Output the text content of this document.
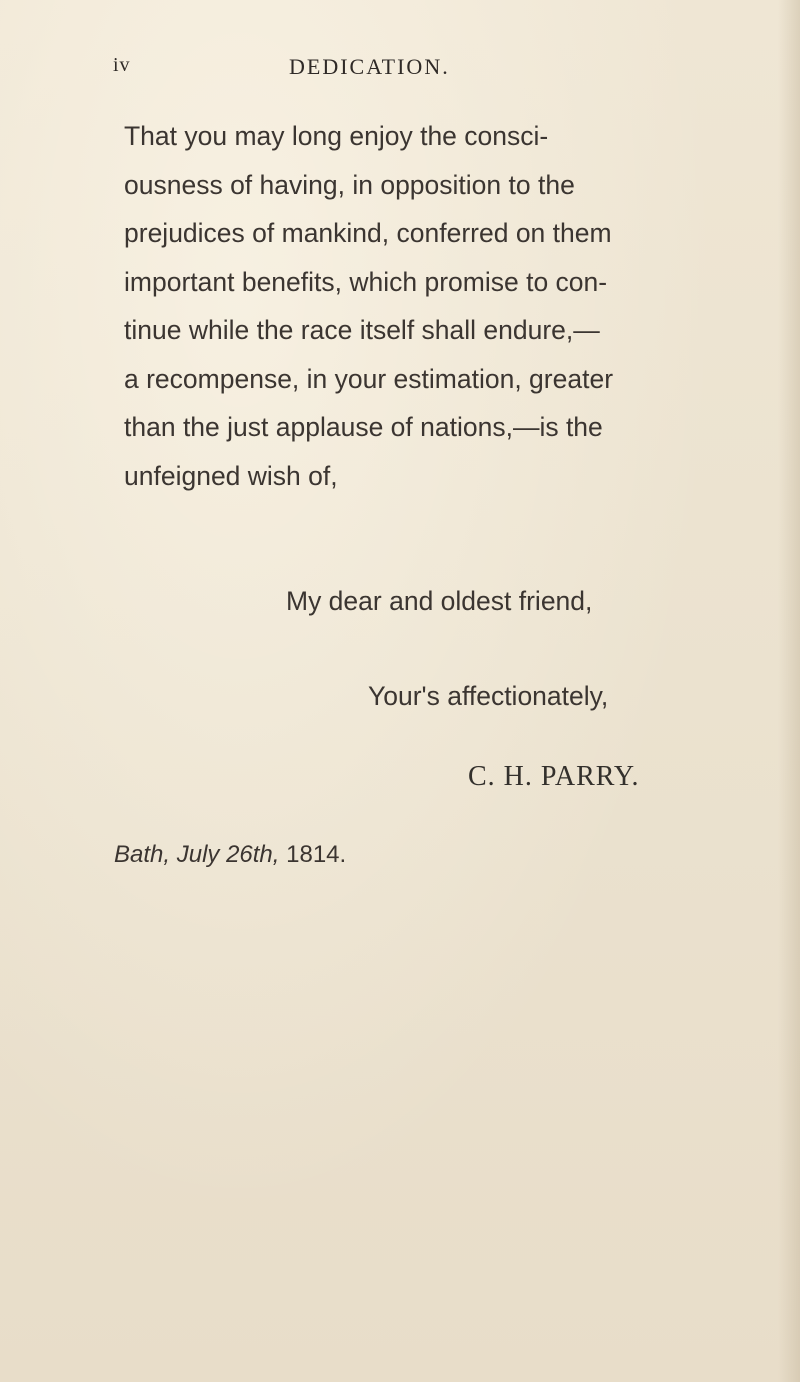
iv	DEDICATION.
That you may long enjoy the consci-
ousness of having, in opposition to the
prejudices of mankind, conferred on them
important benefits, which promise to con-
tinue while the race itself shall endure,—
a recompense, in your estimation, greater
than the just applause of nations,—is the
unfeigned wish of,
My dear and oldest friend,
Your's affectionately,
C. H. PARRY.
Bath, July 26th, 1814.
